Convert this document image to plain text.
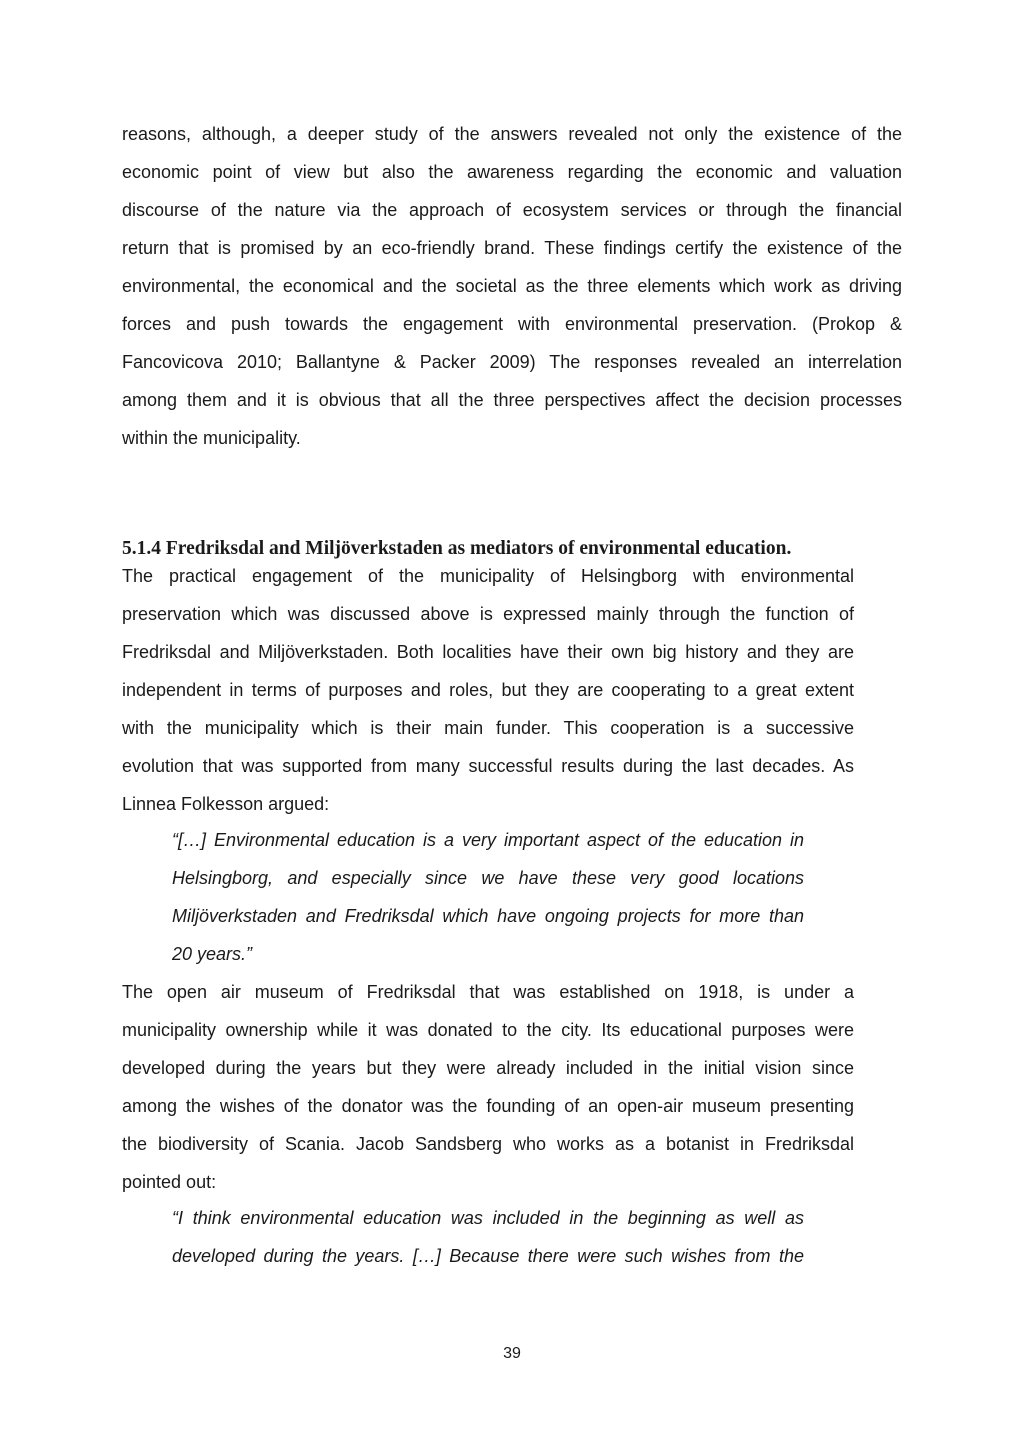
reasons, although, a deeper study of the answers revealed not only the existence of the
economic point of view but also the awareness regarding the economic and valuation
discourse of the nature via the approach of ecosystem services or through the financial
return that is promised by an eco-friendly brand. These findings certify the existence of the
environmental, the economical and the societal as the three elements which work as driving
forces and push towards the engagement with environmental preservation. (Prokop &
Fancovicova 2010; Ballantyne & Packer 2009) The responses revealed an interrelation
among them and it is obvious that all the three perspectives affect the decision processes
within the municipality.
5.1.4 Fredriksdal and Miljöverkstaden as mediators of environmental education.
The practical engagement of the municipality of Helsingborg with environmental
preservation which was discussed above is expressed mainly through the function of
Fredriksdal and Miljöverkstaden. Both localities have their own big history and they are
independent in terms of purposes and roles, but they are cooperating to a great extent
with the municipality which is their main funder. This cooperation is a successive
evolution that was supported from many successful results during the last decades. As
Linnea Folkesson argued:
“[…] Environmental education is a very important aspect of the education in
Helsingborg, and especially since we have these very good locations
Miljöverkstaden and Fredriksdal which have ongoing projects for more than
20 years.”
The open air museum of Fredriksdal that was established on 1918, is under a
municipality ownership while it was donated to the city. Its educational purposes were
developed during the years but they were already included in the initial vision since
among the wishes of the donator was the founding of an open-air museum presenting
the biodiversity of Scania. Jacob Sandsberg who works as a botanist in Fredriksdal
pointed out:
“I think environmental education was included in the beginning as well as
developed during the years. […] Because there were such wishes from the
39
